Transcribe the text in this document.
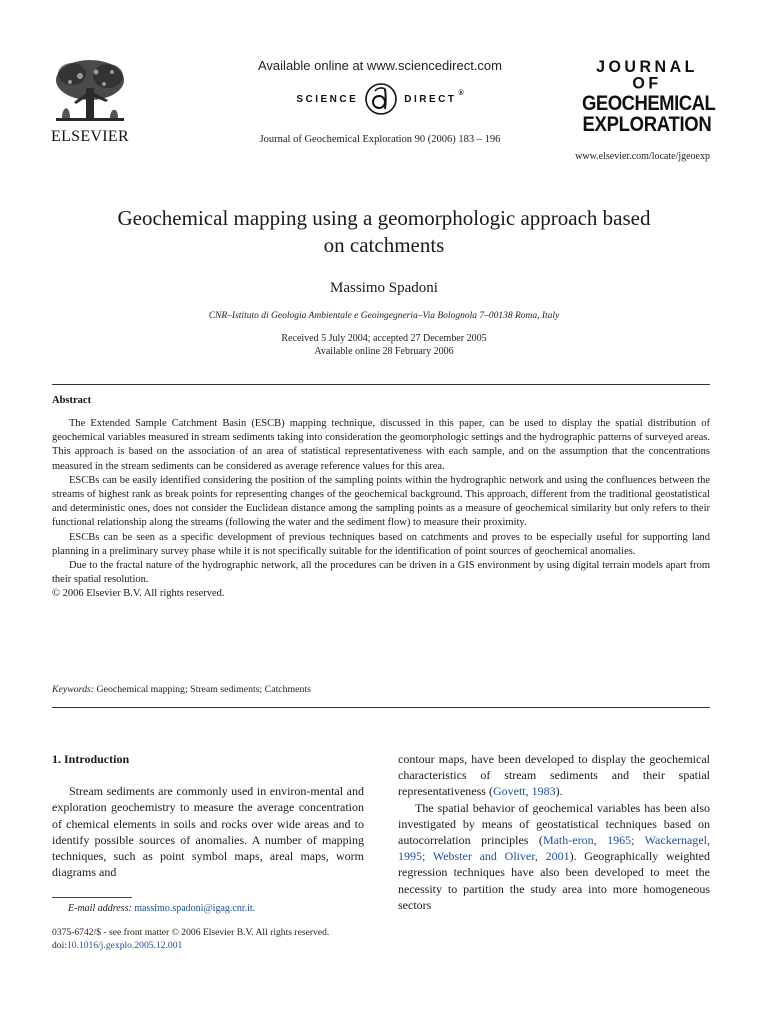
ELSEVIER
Available online at www.sciencedirect.com
SCIENCE	DIRECT ®
Journal of Geochemical Exploration 90 (2006) 183 – 196
JOURNAL OF
GEOCHEMICAL
EXPLORATION
www.elsevier.com/locate/jgeoexp
Geochemical mapping using a geomorphologic approach based
on catchments
Massimo Spadoni
CNR–Istituto di Geologia Ambientale e Geoingegneria–Via Bolognola 7–00138 Roma, Italy
Received 5 July 2004; accepted 27 December 2005
Available online 28 February 2006
Abstract

The Extended Sample Catchment Basin (ESCB) mapping technique, discussed in this paper, can be used to display the spatial distribution of geochemical variables measured in stream sediments taking into consideration the geomorphologic settings and the hydrographic patterns of surveyed areas. This approach is based on the association of an area of statistical representativeness with each sample, and on the assumption that the concentrations measured in the stream sediments can be considered as average reference values for this area.

ESCBs can be easily identified considering the position of the sampling points within the hydrographic network and using the confluences between the streams of highest rank as break points for representing changes of the geochemical background. This approach, different from the traditional geostatistical and deterministic ones, does not consider the Euclidean distance among the sampling points as a measure of geochemical similarity but only refers to their functional relationship along the streams (following the water and the sediment flow) to measure their proximity.

ESCBs can be seen as a specific development of previous techniques based on catchments and proves to be especially useful for supporting land planning in a preliminary survey phase while it is not specifically suitable for the identification of point sources of geochemical anomalies.

Due to the fractal nature of the hydrographic network, all the procedures can be driven in a GIS environment by using digital terrain models apart from their spatial resolution.

© 2006 Elsevier B.V. All rights reserved.

Keywords: Geochemical mapping; Stream sediments; Catchments

1. Introduction

Stream sediments are commonly used in environ-mental and exploration geochemistry to measure the average concentration of chemical elements in soils and rocks over wide areas and to identify possible sources of anomalies. A number of mapping techniques, such as point symbol maps, areal maps, worm diagrams and

contour maps, have been developed to display the geochemical characteristics of stream sediments and their spatial representativeness (Govett, 1983).

The spatial behavior of geochemical variables has been also investigated by means of geostatistical techniques based on autocorrelation principles (Math-eron, 1965; Wackernagel, 1995; Webster and Oliver, 2001). Geographically weighted regression techniques have also been developed to meet the necessity to partition the study area into more homogeneous sectors

E-mail address: massimo.spadoni@igag.cnr.it.
0375-6742/$ - see front matter © 2006 Elsevier B.V. All rights reserved.
doi:10.1016/j.gexplo.2005.12.001
